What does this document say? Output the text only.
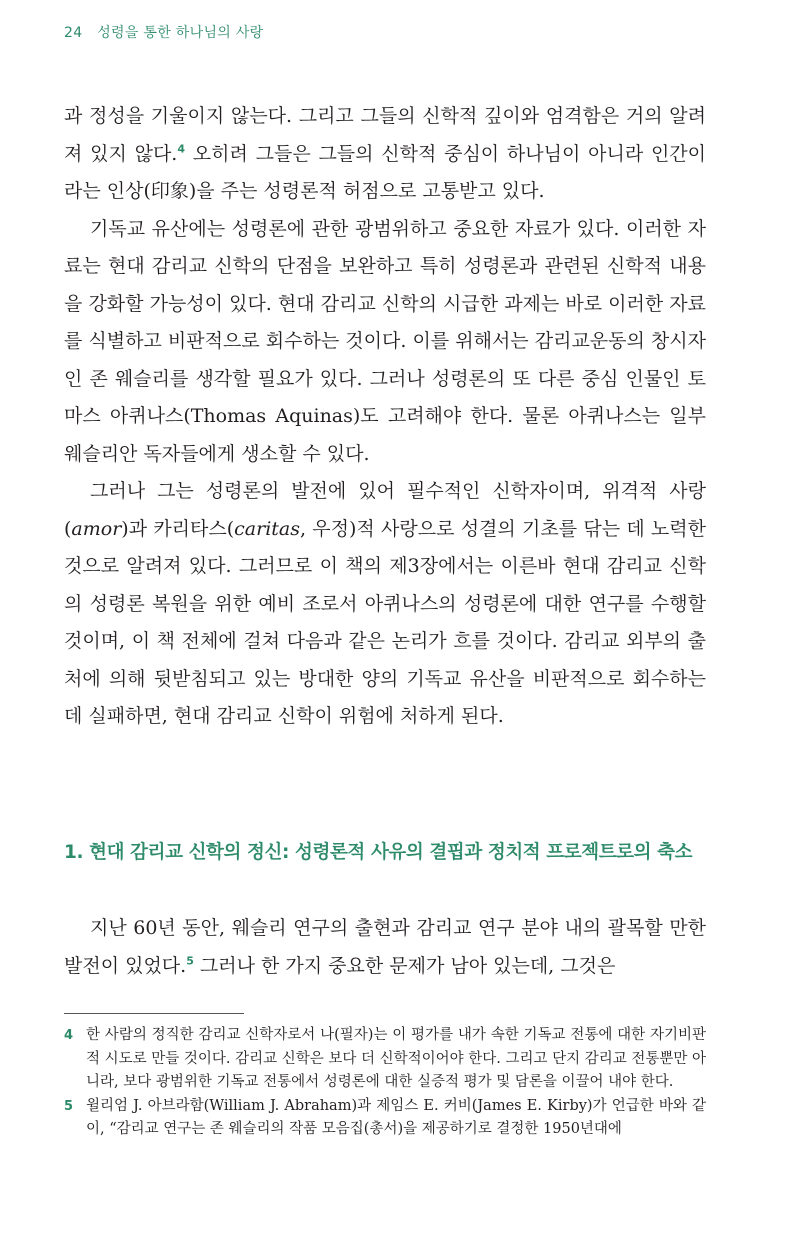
24 성령을 통한 하나님의 사랑

과 정성을 기울이지 않는다. 그리고 그들의 신학적 깊이와 엄격함은 거의 알려져 있지 않다.$^4$ 오히려 그들은 그들의 신학적 중심이 하나님이 아니라 인간이라는 인상(印象)을 주는 성령론적 허점으로 고통받고 있다.

기독교 유산에는 성령론에 관한 광범위하고 중요한 자료가 있다. 이러한 자료는 현대 감리교 신학의 단점을 보완하고 특히 성령론과 관련된 신학적 내용을 강화할 가능성이 있다. 현대 감리교 신학의 시급한 과제는 바로 이러한 자료를 식별하고 비판적으로 회수하는 것이다. 이를 위해서는 감리교운동의 창시자인 존 웨슬리를 생각할 필요가 있다. 그러나 성령론의 또 다른 중심 인물인 토마스 아퀴나스(Thomas Aquinas)도 고려해야 한다. 물론 아퀴나스는 일부 웨슬리안 독자들에게 생소할 수 있다.

그러나 그는 성령론의 발전에 있어 필수적인 신학자이며, 위격적 사랑(amor)과 카리타스(caritas, 우정)적 사랑으로 성결의 기초를 닦는 데 노력한 것으로 알려져 있다. 그러므로 이 책의 제3장에서는 이른바 현대 감리교 신학의 성령론 복원을 위한 예비 조로서 아퀴나스의 성령론에 대한 연구를 수행할 것이며, 이 책 전체에 걸쳐 다음과 같은 논리가 흐를 것이다. 감리교 외부의 출처에 의해 뒷받침되고 있는 방대한 양의 기독교 유산을 비판적으로 회수하는 데 실패하면, 현대 감리교 신학이 위험에 처하게 된다.

1. 현대 감리교 신학의 정신: 성령론적 사유의 결핍과 정치적 프로젝트로의 축소

지난 60년 동안, 웨슬리 연구의 출현과 감리교 연구 분야 내의 괄목할 만한 발전이 있었다.$^5$ 그러나 한 가지 중요한 문제가 남아 있는데, 그것은

4 한 사람의 정직한 감리교 신학자로서 나(필자)는 이 평가를 내가 속한 기독교 전통에 대한 자기비판적 시도로 만들 것이다. 감리교 신학은 보다 더 신학적이어야 한다. 그리고 단지 감리교 전통뿐만 아니라, 보다 광범위한 기독교 전통에서 성령론에 대한 실증적 평가 및 담론을 이끌어 내야 한다.

5 윌리엄 J. 아브라함(William J. Abraham)과 제임스 E. 커비(James E. Kirby)가 언급한 바와 같이, “감리교 연구는 존 웨슬리의 작품 모음집(총서)을 제공하기로 결정한 1950년대에
